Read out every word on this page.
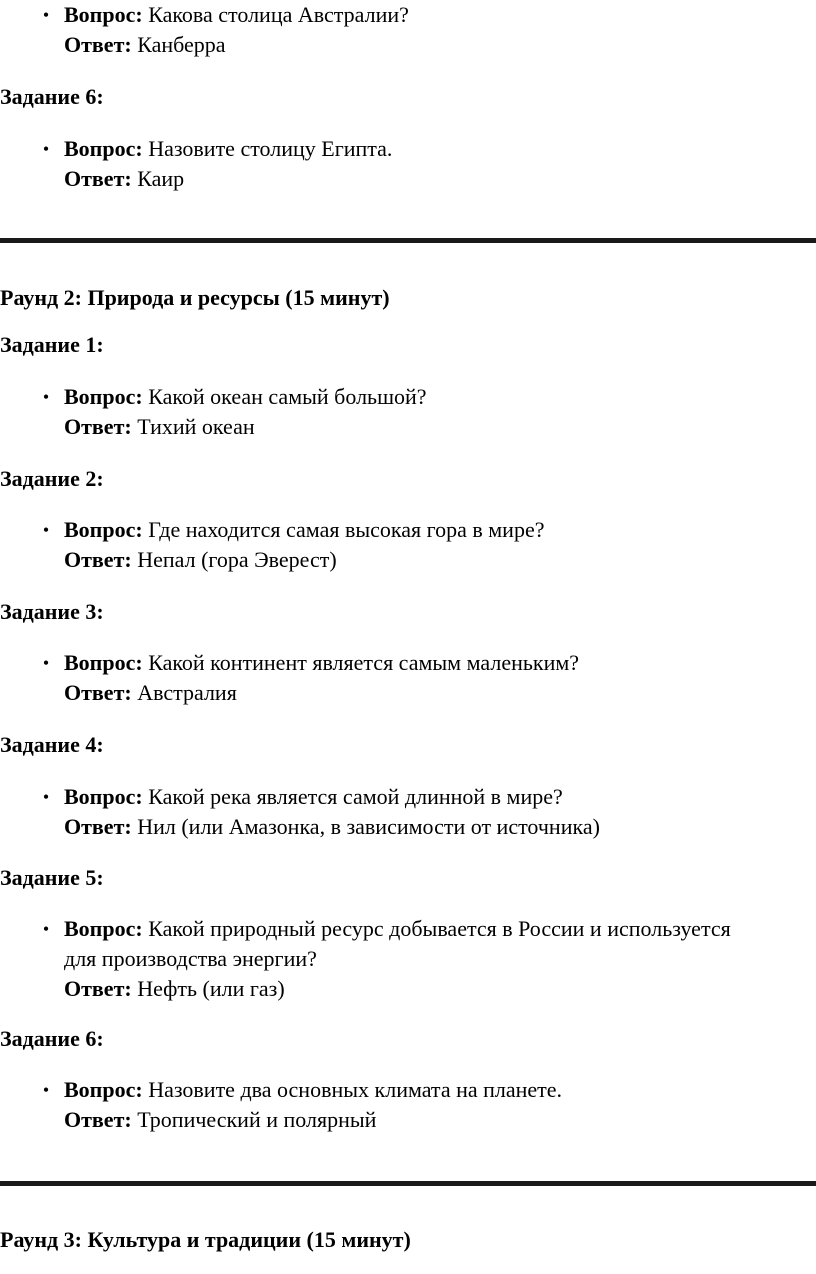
• Вопрос: Какова столица Австралии?
Ответ: Канберра
Задание 6:
• Вопрос: Назовите столицу Египта.
Ответ: Каир
Раунд 2: Природа и ресурсы (15 минут)
Задание 1:
• Вопрос: Какой океан самый большой?
Ответ: Тихий океан
Задание 2:
• Вопрос: Где находится самая высокая гора в мире?
Ответ: Непал (гора Эверест)
Задание 3:
• Вопрос: Какой континент является самым маленьким?
Ответ: Австралия
Задание 4:
• Вопрос: Какой река является самой длинной в мире?
Ответ: Нил (или Амазонка, в зависимости от источника)
Задание 5:
• Вопрос: Какой природный ресурс добывается в России и используется
для производства энергии?
Ответ: Нефть (или газ)
Задание 6:
• Вопрос: Назовите два основных климата на планете.
Ответ: Тропический и полярный
Раунд 3: Культура и традиции (15 минут)
